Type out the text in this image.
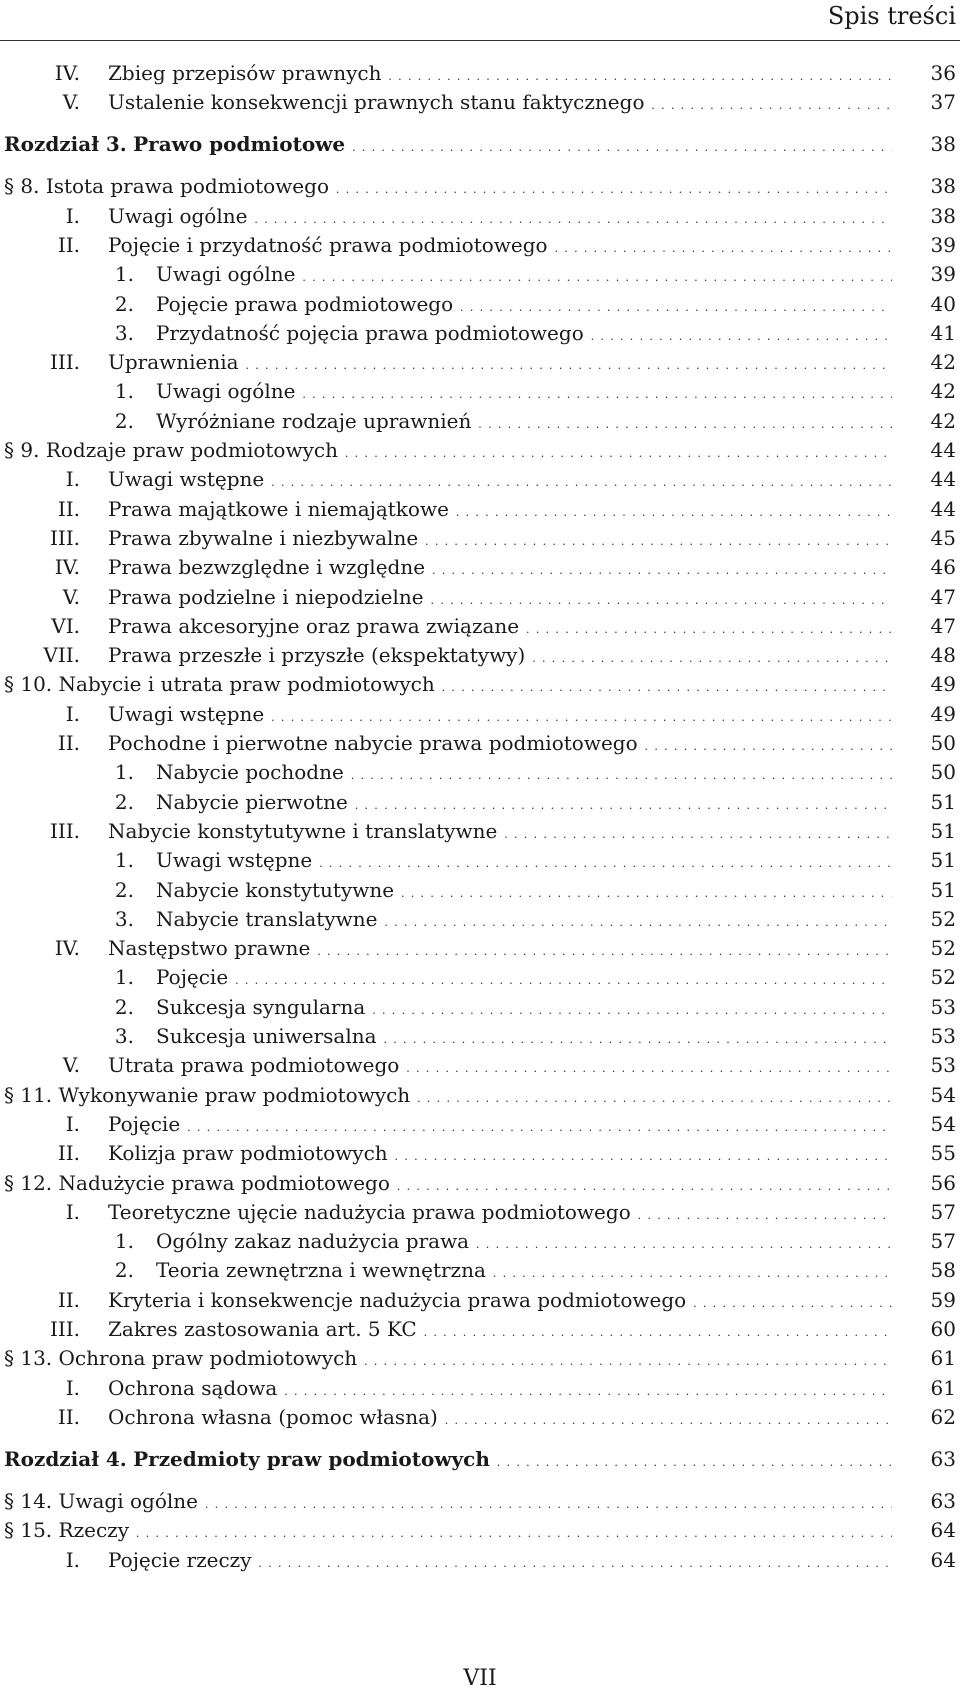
Spis treści
IV. Zbieg przepisów prawnych . . .	36
V. Ustalenie konsekwencji prawnych stanu faktycznego . . .	37
Rozdział 3. Prawo podmiotowe . . .	38
§ 8. Istota prawa podmiotowego . . .	38
I. Uwagi ogólne . . .	38
II. Pojęcie i przydatność prawa podmiotowego . . .	39
1. Uwagi ogólne . . .	39
2. Pojęcie prawa podmiotowego . . .	40
3. Przydatność pojęcia prawa podmiotowego . . .	41
III. Uprawnienia . . .	42
1. Uwagi ogólne . . .	42
2. Wyróżniane rodzaje uprawnień . . .	42
§ 9. Rodzaje praw podmiotowych . . .	44
I. Uwagi wstępne . . .	44
II. Prawa majątkowe i niemajątkowe . . .	44
III. Prawa zbywalne i niezbywalne . . .	45
IV. Prawa bezwzględne i względne . . .	46
V. Prawa podzielne i niepodzielne . . .	47
VI. Prawa akcesoryjne oraz prawa związane . . .	47
VII. Prawa przeszłe i przyszłe (ekspektatywy) . . .	48
§ 10. Nabycie i utrata praw podmiotowych . . .	49
I. Uwagi wstępne . . .	49
II. Pochodne i pierwotne nabycie prawa podmiotowego . . .	50
1. Nabycie pochodne . . .	50
2. Nabycie pierwotne . . .	51
III. Nabycie konstytutywne i translatywne . . .	51
1. Uwagi wstępne . . .	51
2. Nabycie konstytutywne . . .	51
3. Nabycie translatywne . . .	52
IV. Następstwo prawne . . .	52
1. Pojęcie . . .	52
2. Sukcesja syngularna . . .	53
3. Sukcesja uniwersalna . . .	53
V. Utrata prawa podmiotowego . . .	53
§ 11. Wykonywanie praw podmiotowych . . .	54
I. Pojęcie . . .	54
II. Kolizja praw podmiotowych . . .	55
§ 12. Nadużycie prawa podmiotowego . . .	56
I. Teoretyczne ujęcie nadużycia prawa podmiotowego . . .	57
1. Ogólny zakaz nadużycia prawa . . .	57
2. Teoria zewnętrzna i wewnętrzna . . .	58
II. Kryteria i konsekwencje nadużycia prawa podmiotowego . . .	59
III. Zakres zastosowania art. 5 KC . . .	60
§ 13. Ochrona praw podmiotowych . . .	61
I. Ochrona sądowa . . .	61
II. Ochrona własna (pomoc własna) . . .	62
Rozdział 4. Przedmioty praw podmiotowych . . .	63
§ 14. Uwagi ogólne . . .	63
§ 15. Rzeczy . . .	64
I. Pojęcie rzeczy . . .	64
VII
